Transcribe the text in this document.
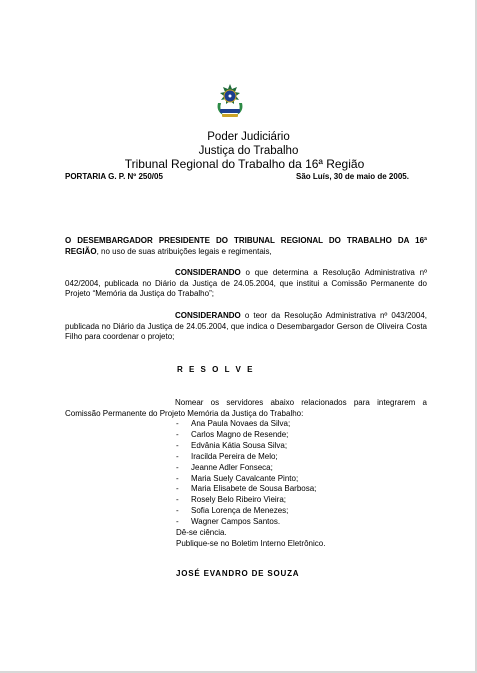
Poder Judiciário
Justiça do Trabalho
Tribunal Regional do Trabalho da 16ª Região
PORTARIA G. P. Nº 250/05	São Luís, 30 de maio de 2005.
O DESEMBARGADOR PRESIDENTE DO TRIBUNAL REGIONAL DO TRABALHO DA 16ª REGIÃO, no uso de suas atribuições legais e regimentais,
CONSIDERANDO o que determina a Resolução Administrativa nº 042/2004, publicada no Diário da Justiça de 24.05.2004, que institui a Comissão Permanente do Projeto “Memória da Justiça do Trabalho”;
CONSIDERANDO o teor da Resolução Administrativa nº 043/2004, publicada no Diário da Justiça de 24.05.2004, que indica o Desembargador Gerson de Oliveira Costa Filho para coordenar o projeto;
R E S O L V E
Nomear os servidores abaixo relacionados para integrarem a Comissão Permanente do Projeto Memória da Justiça do Trabalho:
- Ana Paula Novaes da Silva;
- Carlos Magno de Resende;
- Edvânia Kátia Sousa Silva;
- Iracilda Pereira de Melo;
- Jeanne Adler Fonseca;
- Maria Suely Cavalcante Pinto;
- Maria Elisabete de Sousa Barbosa;
- Rosely Belo Ribeiro Vieira;
- Sofia Lorença de Menezes;
- Wagner Campos Santos.
Dê-se ciência.
Publique-se no Boletim Interno Eletrônico.
JOSÉ EVANDRO DE SOUZA
